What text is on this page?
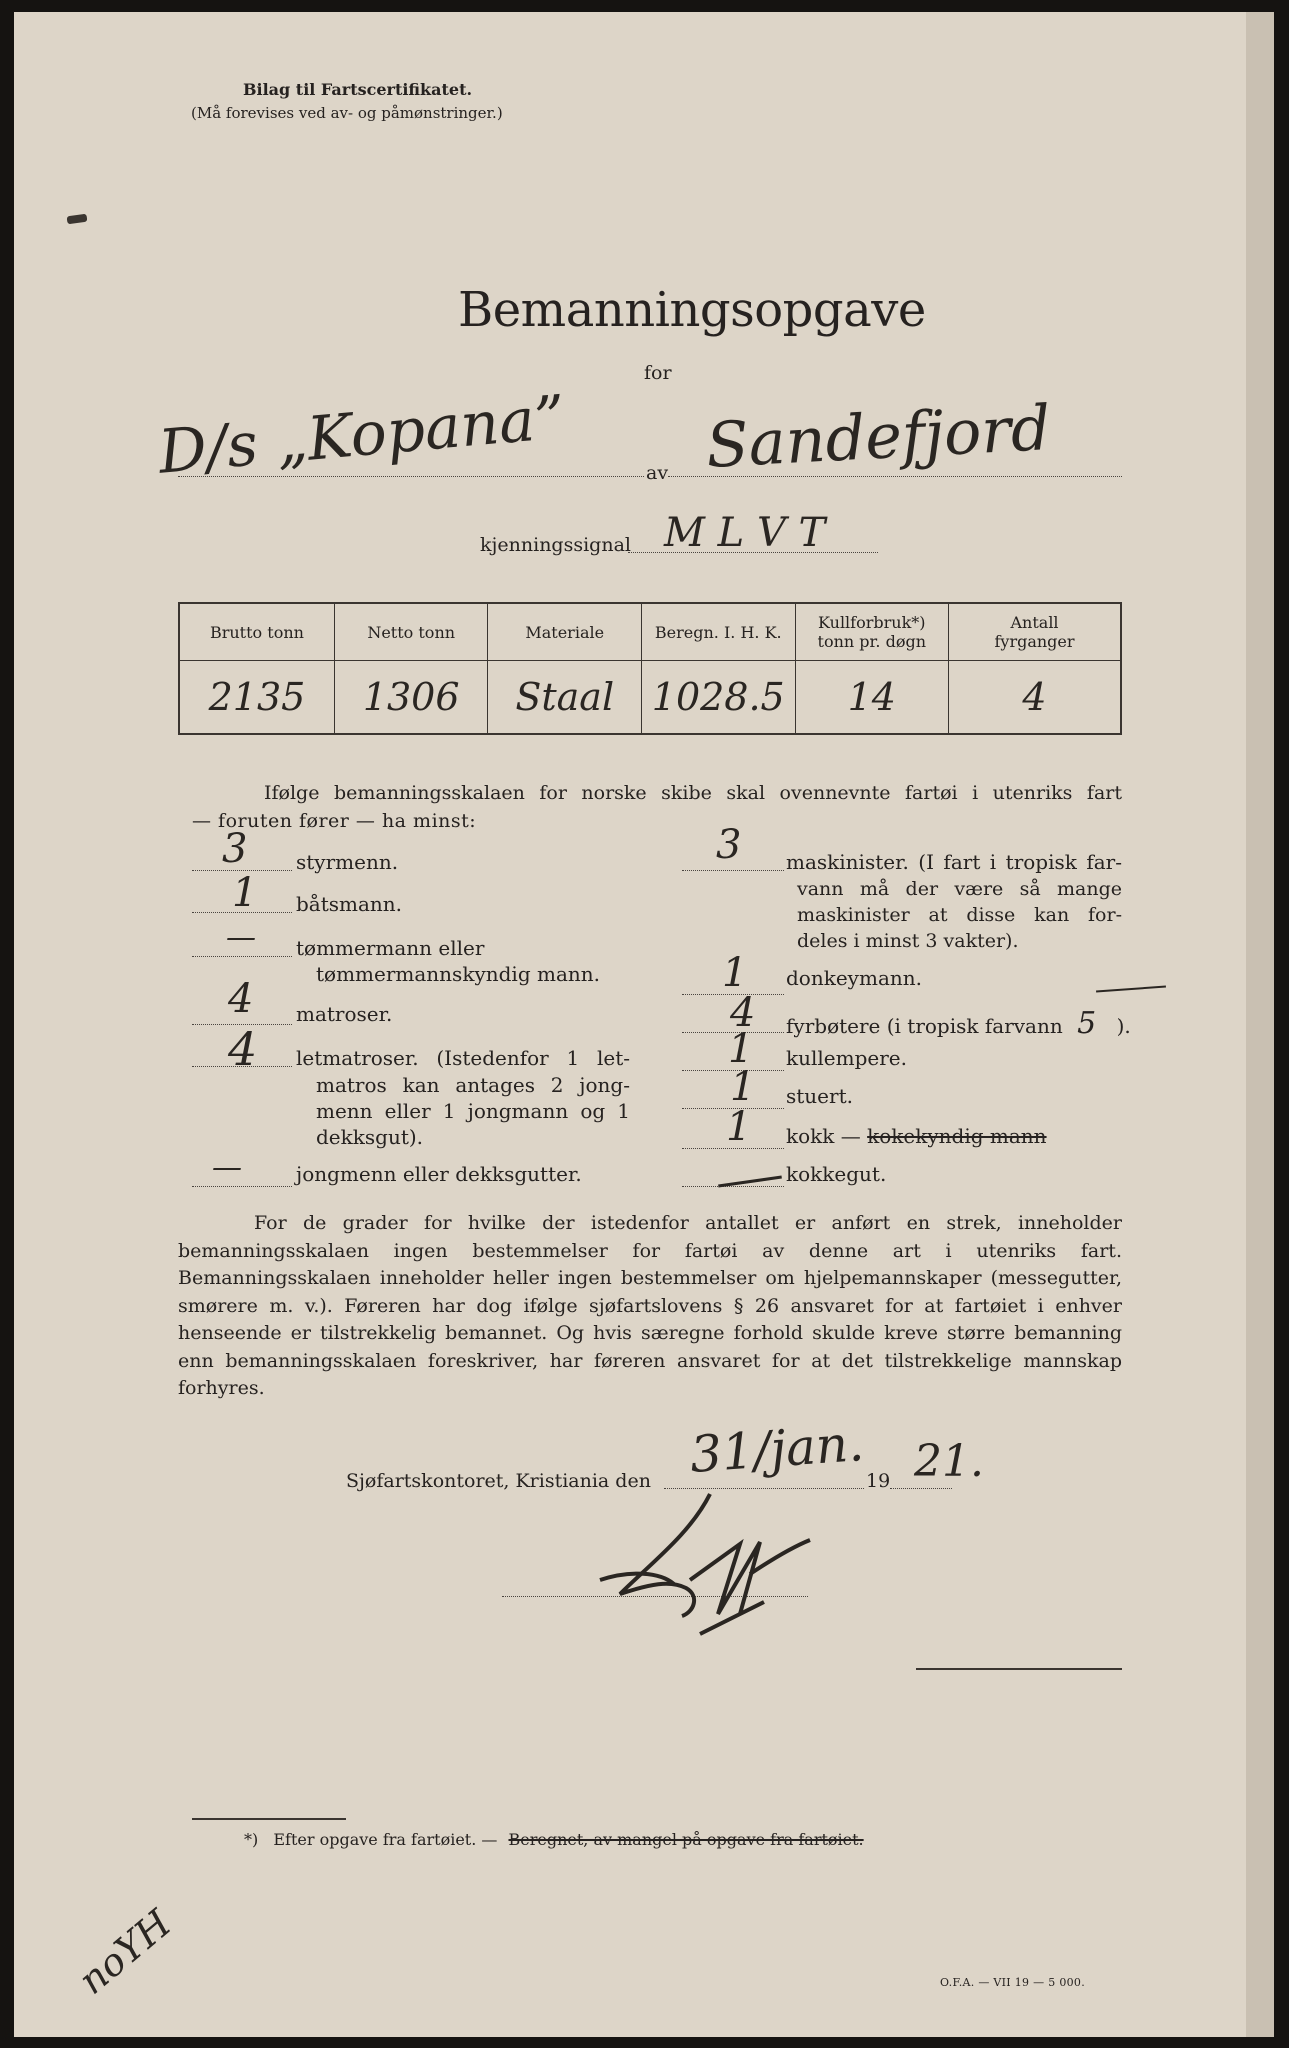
Bilag til Fartscertifikatet.
(Må forevises ved av- og påmønstringer.)
Bemanningsopgave
for
D/s „Kopana”	av Sandefjord
kjenningssignal M L V T
Brutto tonn	Netto tonn	Materiale	Beregn. I. H. K.	Kullforbruk*) tonn pr. døgn	Antall fyrganger
2135	1306	Staal	1028.5	14	4
Ifølge bemanningsskalaen for norske skibe skal ovennevnte fartøi i utenriks fart
— foruten fører — ha minst:
3 styrmenn.
1 båtsmann.
— tømmermann eller
tømmermannskyndig mann.
4 matroser.
4 letmatroser. (Istedenfor 1 let-
matros kan antages 2 jong- menn eller 1 jongmann og 1 dekksgut).
—	jongmenn eller dekksgutter.
3 maskinister. (I fart i tropisk far-
vann må der være så mange maskinister at disse kan for- deles i minst 3 vakter).
1 donkeymann.
4 fyrbøtere (i tropisk farvann 5 ).
1 kullempere.
1 stuert.
1 kokk — kokekyndig mann
kokkegut.
For de grader for hvilke der istedenfor antallet er anført en strek, inneholder bemanningsskalaen ingen bestemmelser for fartøi av denne art i utenriks fart. Bemanningsskalaen inneholder heller ingen bestemmelser om hjelpemannskaper (messegutter, smørere m. v.). Føreren har dog ifølge sjøfartslovens § 26 ansvaret for at fartøiet i enhver henseende er tilstrekkelig bemannet. Og hvis særegne forhold skulde kreve større bemanning enn bemanningsskalaen foreskriver, har føreren ansvaret for at det tilstrekkelige mannskap forhyres.
Sjøfartskontoret, Kristiania den 31/jan. 19 21.
*) Efter opgave fra fartøiet. — Beregnet, av mangel på opgave fra fartøiet.
noYH	O.F.A. — VII 19 — 5 000.
